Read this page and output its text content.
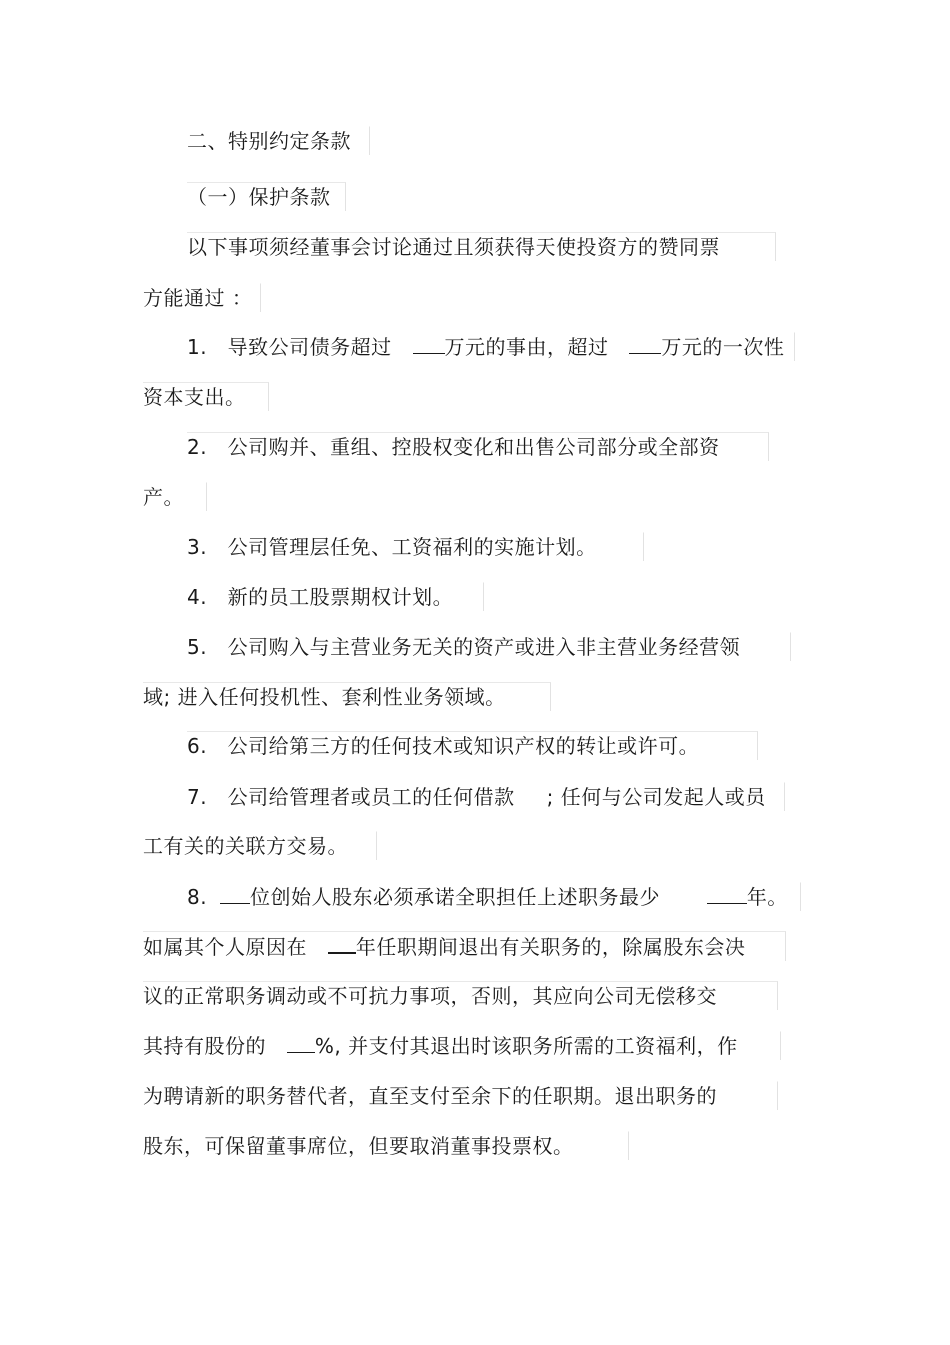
二、特别约定条款
（一）保护条款
以下事项须经董事会讨论通过且须获得天使投资方的赞同票
方能通过 ：
1. 导致公司债务超过	万元的事由，超过	万元的一次性
资本支出。
2. 公司购并、重组、控股权变化和出售公司部分或全部资
产。
3. 公司管理层任免、工资福利的实施计划。
4. 新的员工股票期权计划。
5. 公司购入与主营业务无关的资产或进入非主营业务经营领
域; 进入任何投机性、套利性业务领域。
6. 公司给第三方的任何技术或知识产权的转让或许可。
7. 公司给管理者或员工的任何借款 ; 任何与公司发起人或员
工有关的关联方交易。
8. 位创始人股东必须承诺全职担任上述职务最少	年。
如属其个人原因在 年任职期间退出有关职务的，除属股东会决
议的正常职务调动或不可抗力事项，否则，其应向公司无偿移交
其持有股份的 %, 并支付其退出时该职务所需的工资福利，作
为聘请新的职务替代者，直至支付至余下的任职期。退出职务的
股东，可保留董事席位，但要取消董事投票权。
